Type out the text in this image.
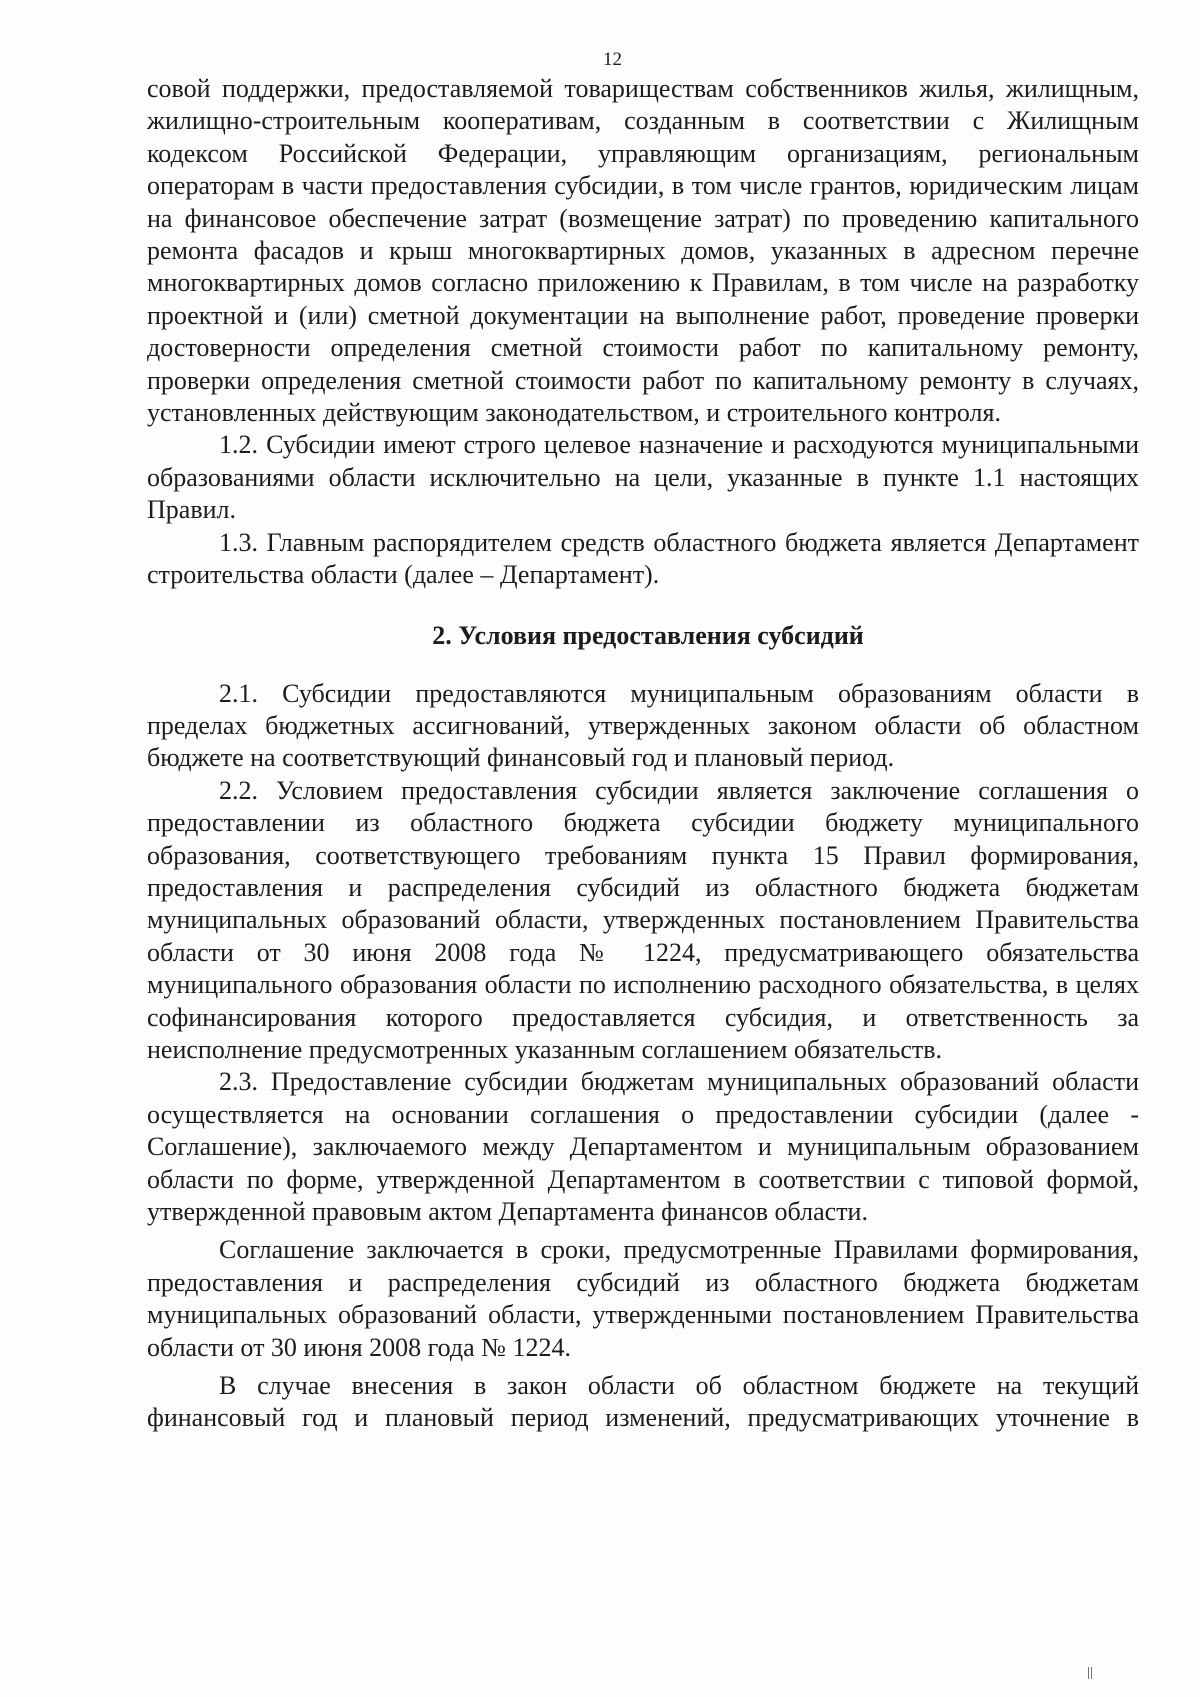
12

совой поддержки, предоставляемой товариществам собственников жилья, жилищным, жилищно-строительным кооперативам, созданным в соответствии с Жилищным кодексом Российской Федерации, управляющим организациям, региональным операторам в части предоставления субсидии, в том числе грантов, юридическим лицам на финансовое обеспечение затрат (возмещение затрат) по проведению капитального ремонта фасадов и крыш многоквартирных домов, указанных в адресном перечне многоквартирных домов согласно приложению к Правилам, в том числе на разработку проектной и (или) сметной документации на выполнение работ, проведение проверки достоверности определения сметной стоимости работ по капитальному ремонту, проверки определения сметной стоимости работ по капитальному ремонту в случаях, установленных действующим законодательством, и строительного контроля.

1.2. Субсидии имеют строго целевое назначение и расходуются муниципальными образованиями области исключительно на цели, указанные в пункте 1.1 настоящих Правил.

1.3. Главным распорядителем средств областного бюджета является Департамент строительства области (далее – Департамент).

2. Условия предоставления субсидий

2.1. Субсидии предоставляются муниципальным образованиям области в пределах бюджетных ассигнований, утвержденных законом области об областном бюджете на соответствующий финансовый год и плановый период.

2.2. Условием предоставления субсидии является заключение соглашения о предоставлении из областного бюджета субсидии бюджету муниципального образования, соответствующего требованиям пункта 15 Правил формирования, предоставления и распределения субсидий из областного бюджета бюджетам муниципальных образований области, утвержденных постановлением Правительства области от 30 июня 2008 года № 1224, предусматривающего обязательства муниципального образования области по исполнению расходного обязательства, в целях софинансирования которого предоставляется субсидия, и ответственность за неисполнение предусмотренных указанным соглашением обязательств.

2.3. Предоставление субсидии бюджетам муниципальных образований области осуществляется на основании соглашения о предоставлении субсидии (далее - Соглашение), заключаемого между Департаментом и муниципальным образованием области по форме, утвержденной Департаментом в соответствии с типовой формой, утвержденной правовым актом Департамента финансов области.

Соглашение заключается в сроки, предусмотренные Правилами формирования, предоставления и распределения субсидий из областного бюджета бюджетам муниципальных образований области, утвержденными постановлением Правительства области от 30 июня 2008 года № 1224.

В случае внесения в закон области об областном бюджете на текущий финансовый год и плановый период изменений, предусматривающих уточнение в
